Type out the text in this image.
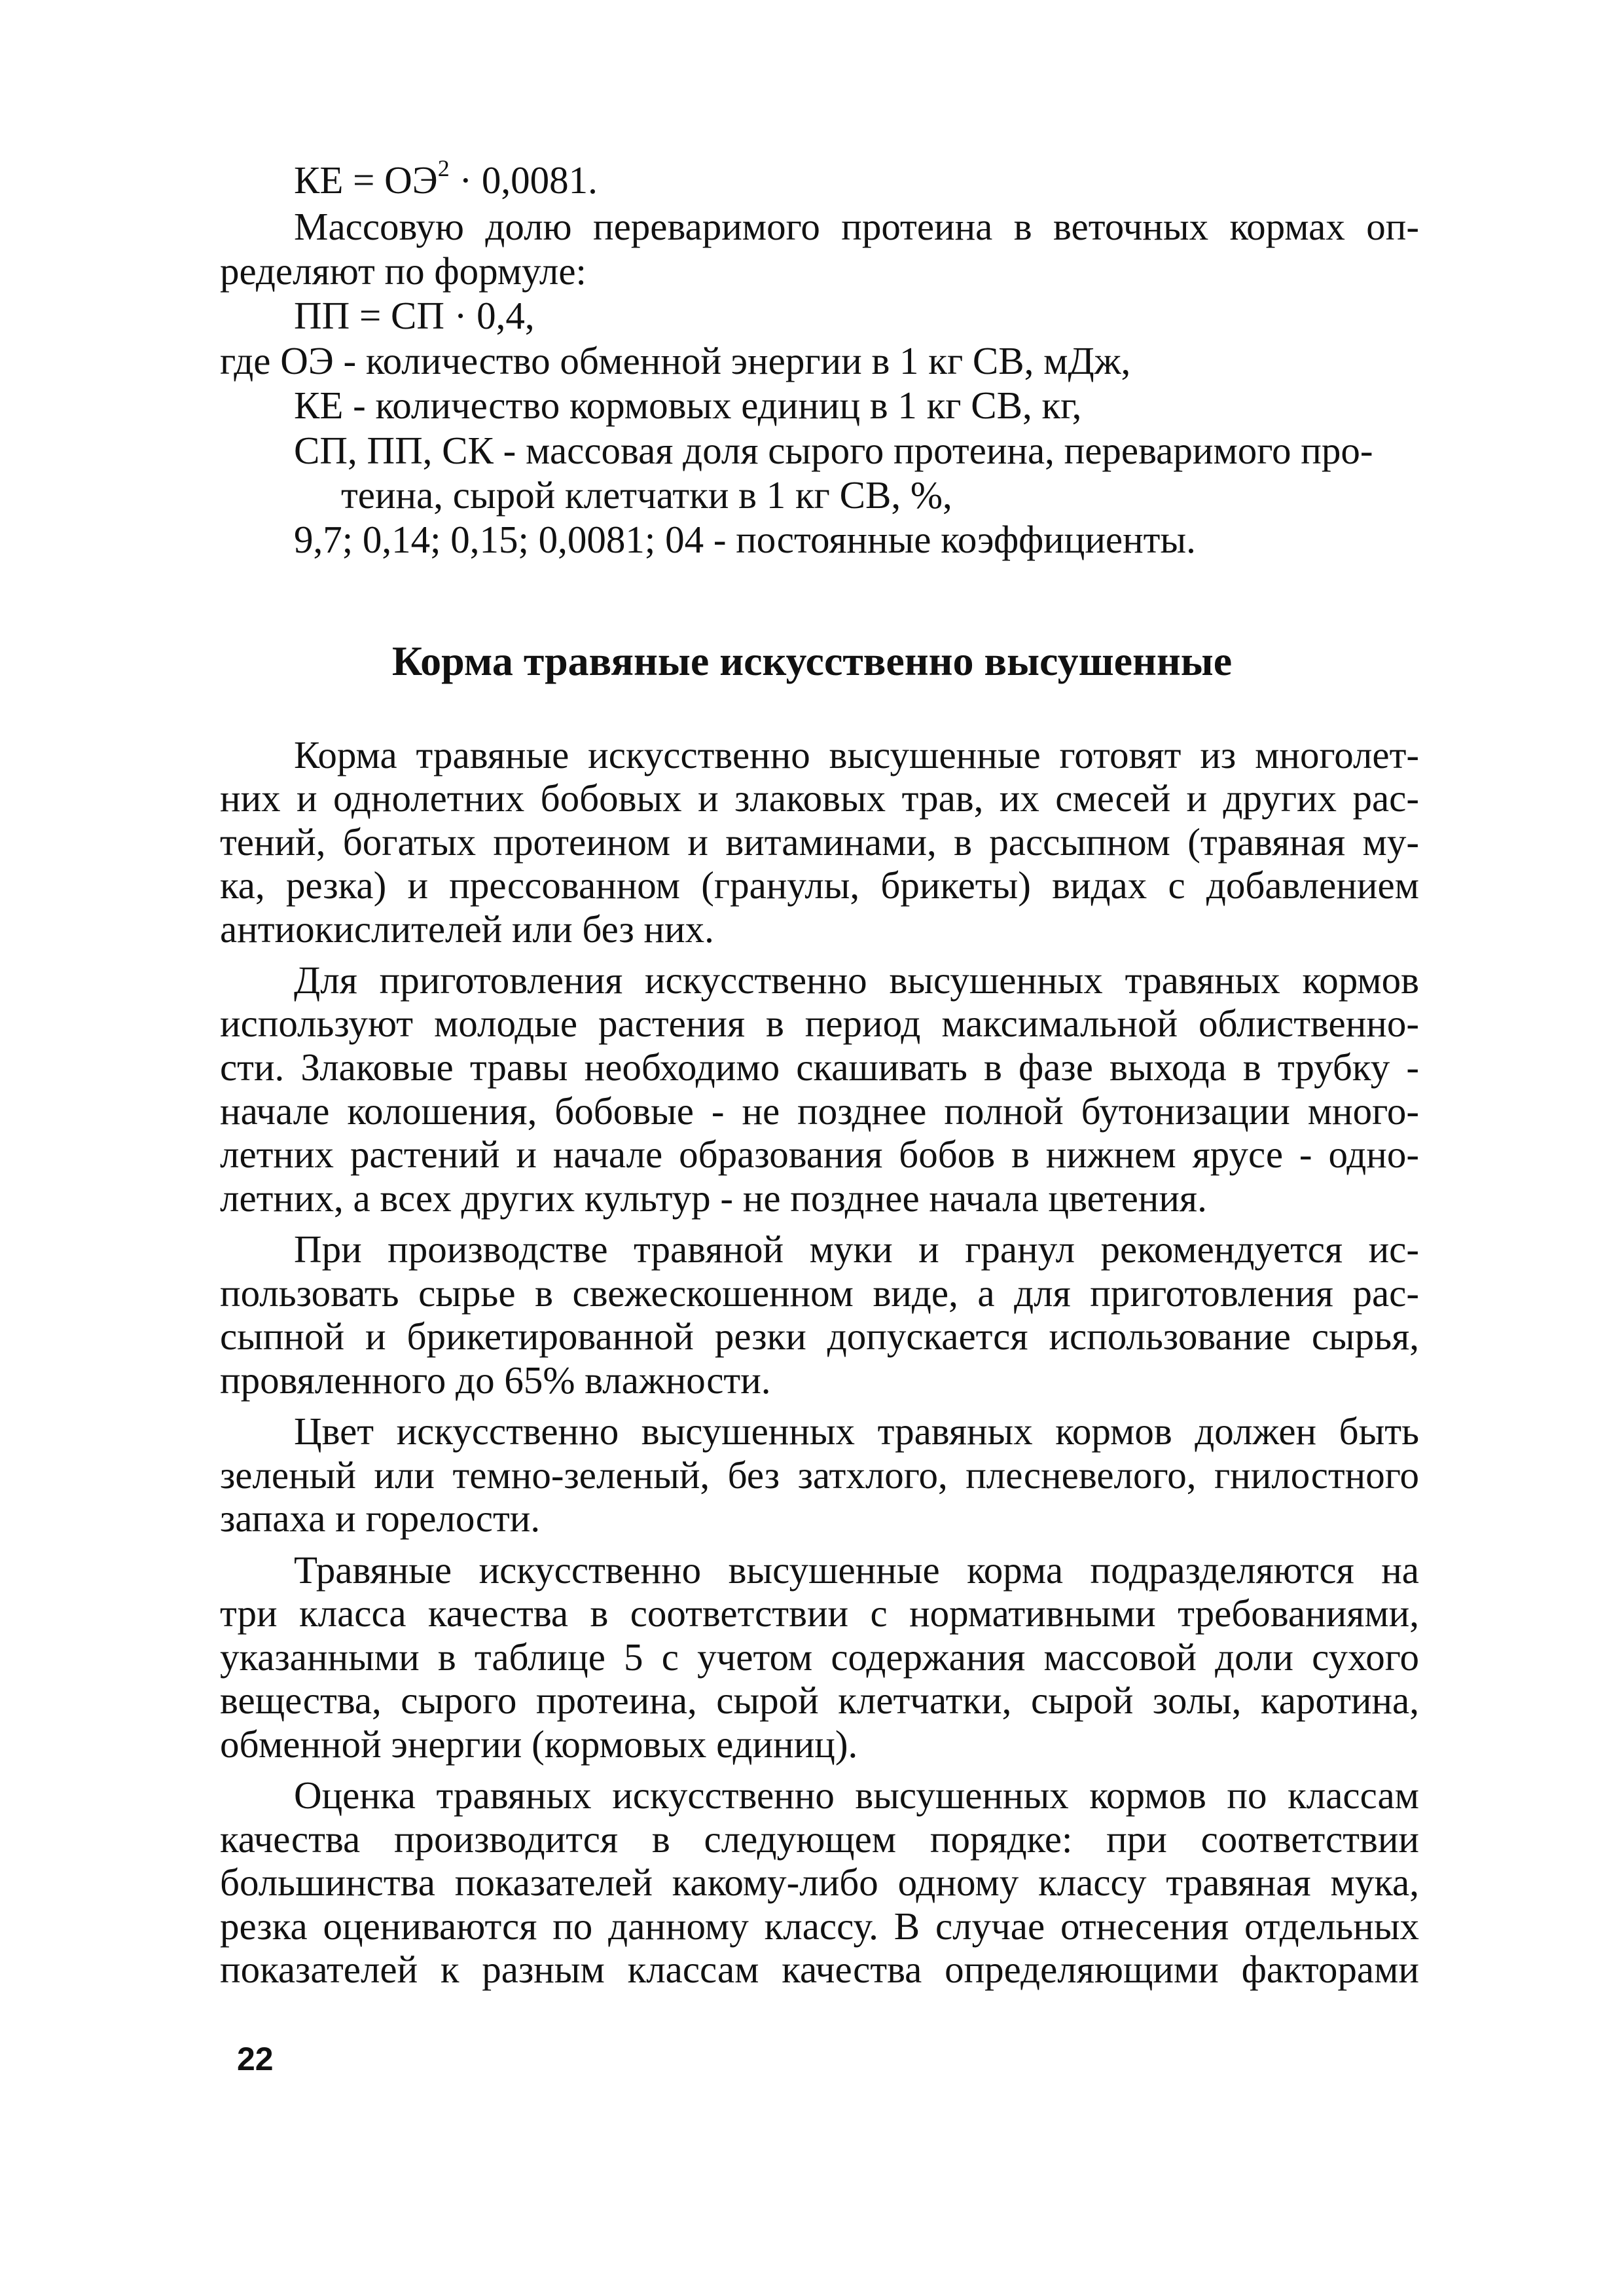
КЕ = $ОЭ^2 \cdot 0,0081$.
Массовую долю переваримого протеина в веточных кормах оп-
ределяют по формуле:
ПП = СП · 0,4,
где ОЭ - количество обменной энергии в 1 кг СВ, мДж,
КЕ - количество кормовых единиц в 1 кг СВ, кг,
СП, ПП, СК - массовая доля сырого протеина, переваримого про-
теина, сырой клетчатки в 1 кг СВ, %,
9,7; 0,14; 0,15; 0,0081; 04 - постоянные коэффициенты.
Корма травяные искусственно высушенные
Корма травяные искусственно высушенные готовят из многолет-
них и однолетних бобовых и злаковых трав, их смесей и других рас-
тений, богатых протеином и витаминами, в рассыпном (травяная му-
ка, резка) и прессованном (гранулы, брикеты) видах с добавлением
антиокислителей или без них.
Для приготовления искусственно высушенных травяных кормов
используют молодые растения в период максимальной облиственно-
сти. Злаковые травы необходимо скашивать в фазе выхода в трубку -
начале колошения, бобовые - не позднее полной бутонизации много-
летних растений и начале образования бобов в нижнем ярусе - одно-
летних, а всех других культур - не позднее начала цветения.
При производстве травяной муки и гранул рекомендуется ис-
пользовать сырье в свежескошенном виде, а для приготовления рас-
сыпной и брикетированной резки допускается использование сырья,
провяленного до 65% влажности.
Цвет искусственно высушенных травяных кормов должен быть
зеленый или темно-зеленый, без затхлого, плесневелого, гнилостного
запаха и горелости.
Травяные искусственно высушенные корма подразделяются на
три класса качества в соответствии с нормативными требованиями,
указанными в таблице 5 с учетом содержания массовой доли сухого
вещества, сырого протеина, сырой клетчатки, сырой золы, каротина,
обменной энергии (кормовых единиц).
Оценка травяных искусственно высушенных кормов по классам
качества производится в следующем порядке: при соответствии
большинства показателей какому-либо одному классу травяная мука,
резка оцениваются по данному классу. В случае отнесения отдельных
показателей к разным классам качества определяющими факторами
22
